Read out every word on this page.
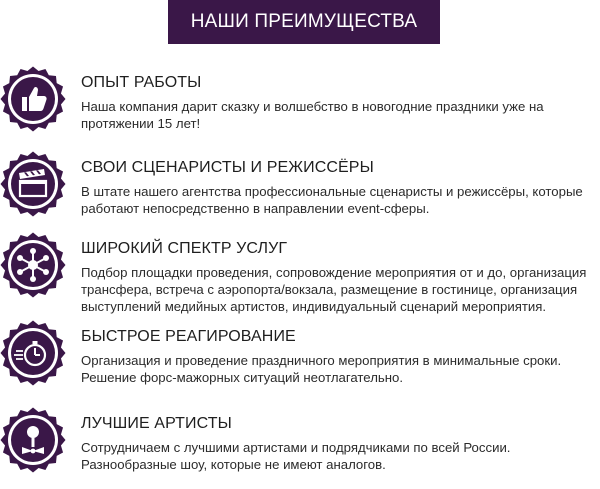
НАШИ ПРЕИМУЩЕСТВА

ОПЫТ РАБОТЫ

Наша компания дарит сказку и волшебство в новогодние праздники уже на протяжении 15 лет!

СВОИ СЦЕНАРИСТЫ И РЕЖИССЁРЫ

В штате нашего агентства профессиональные сценаристы и режиссёры, которые работают непосредственно в направлении event-сферы.

ШИРОКИЙ СПЕКТР УСЛУГ

Подбор площадки проведения, сопровождение мероприятия от и до, организация трансфера, встреча с аэропорта/вокзала, размещение в гостинице, организация выступлений медийных артистов, индивидуальный сценарий мероприятия.

БЫСТРОЕ РЕАГИРОВАНИЕ

Организация и проведение праздничного мероприятия в минимальные сроки. Решение форс-мажорных ситуаций неотлагательно.

ЛУЧШИЕ АРТИСТЫ

Сотрудничаем с лучшими артистами и подрядчиками по всей России. Разнообразные шоу, которые не имеют аналогов.
